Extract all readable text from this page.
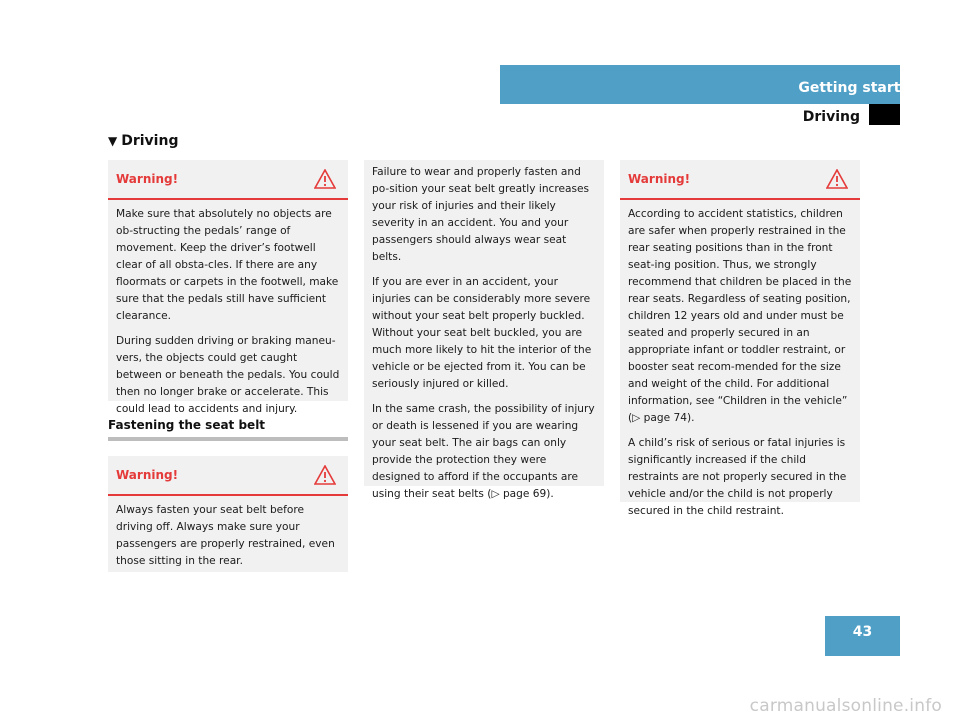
Getting started
Driving
▼ Driving
Warning!

Make sure that absolutely no objects are ob-structing the pedals’ range of movement. Keep the driver’s footwell clear of all obsta-cles. If there are any floormats or carpets in the footwell, make sure that the pedals still have sufficient clearance.

During sudden driving or braking maneu-vers, the objects could get caught between or beneath the pedals. You could then no longer brake or accelerate. This could lead to accidents and injury.

Fastening the seat belt
Warning!

Always fasten your seat belt before driving off. Always make sure your passengers are properly restrained, even those sitting in the rear.

Failure to wear and properly fasten and po-sition your seat belt greatly increases your risk of injuries and their likely severity in an accident. You and your passengers should always wear seat belts.

If you are ever in an accident, your injuries can be considerably more severe without your seat belt properly buckled. Without your seat belt buckled, you are much more likely to hit the interior of the vehicle or be ejected from it. You can be seriously injured or killed.

In the same crash, the possibility of injury or death is lessened if you are wearing your seat belt. The air bags can only provide the protection they were designed to afford if the occupants are using their seat belts (▷ page 69).

Warning!

According to accident statistics, children are safer when properly restrained in the rear seating positions than in the front seat-ing position. Thus, we strongly recommend that children be placed in the rear seats. Regardless of seating position, children 12 years old and under must be seated and properly secured in an appropriate infant or toddler restraint, or booster seat recom-mended for the size and weight of the child. For additional information, see “Children in the vehicle” (▷ page 74).

A child’s risk of serious or fatal injuries is significantly increased if the child restraints are not properly secured in the vehicle and/or the child is not properly secured in the child restraint.

43
carmanualsonline.info
